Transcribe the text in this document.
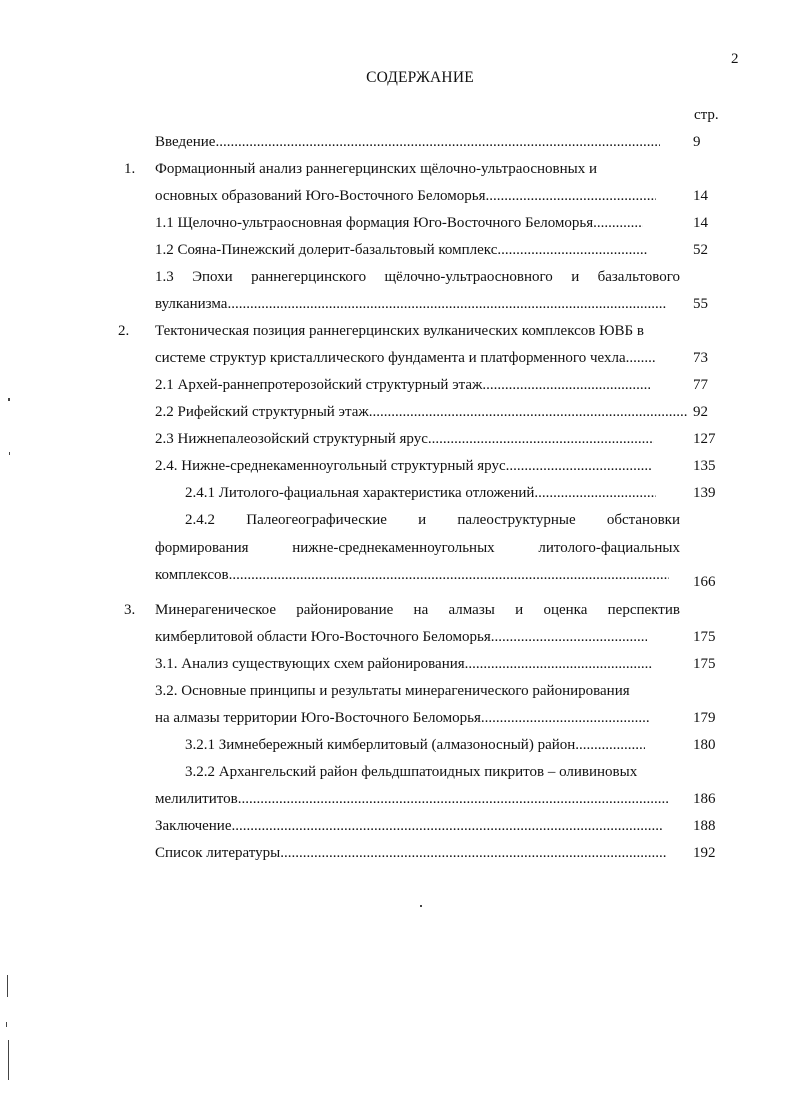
2
СОДЕРЖАНИЕ
стр.
Введение .....	9
1. Формационный анализ раннегерцинских щёлочно-ультраосновных и
основных образований Юго-Восточного Беломорья .....	14
1.1 Щелочно-ультраосновная формация Юго-Восточного Беломорья .....	14
1.2 Сояна-Пинежский долерит-базальтовый комплекс .....	52
1.3 Эпохи раннегерцинского щёлочно-ультраосновного и базальтового
вулканизма .....	55
2. Тектоническая позиция раннегерцинских вулканических комплексов ЮВБ в
системе структур кристаллического фундамента и платформенного чехла .....	73
2.1 Архей-раннепротерозойский структурный этаж .....	77
2.2 Рифейский структурный этаж .....	92
2.3 Нижнепалеозойский структурный ярус .....	127
2.4. Нижне-среднекаменноугольный структурный ярус .....	135
2.4.1 Литолого-фациальная характеристика отложений .....	139
2.4.2 Палеогеографические и палеоструктурные обстановки
формирования	нижне-среднекаменноугольных	литолого-фациальных
комплексов .....	166
3. Минерагеническое районирование на алмазы и оценка перспектив
кимберлитовой области Юго-Восточного Беломорья .....	175
3.1. Анализ существующих схем районирования .....	175
3.2. Основные принципы и результаты минерагенического районирования
на алмазы территории Юго-Восточного Беломорья .....	179
3.2.1 Зимнебережный кимберлитовый (алмазоносный) район .....	180
3.2.2 Архангельский район фельдшпатоидных пикритов – оливиновых
мелилититов .....	186
Заключение .....	188
Список литературы .....	192
